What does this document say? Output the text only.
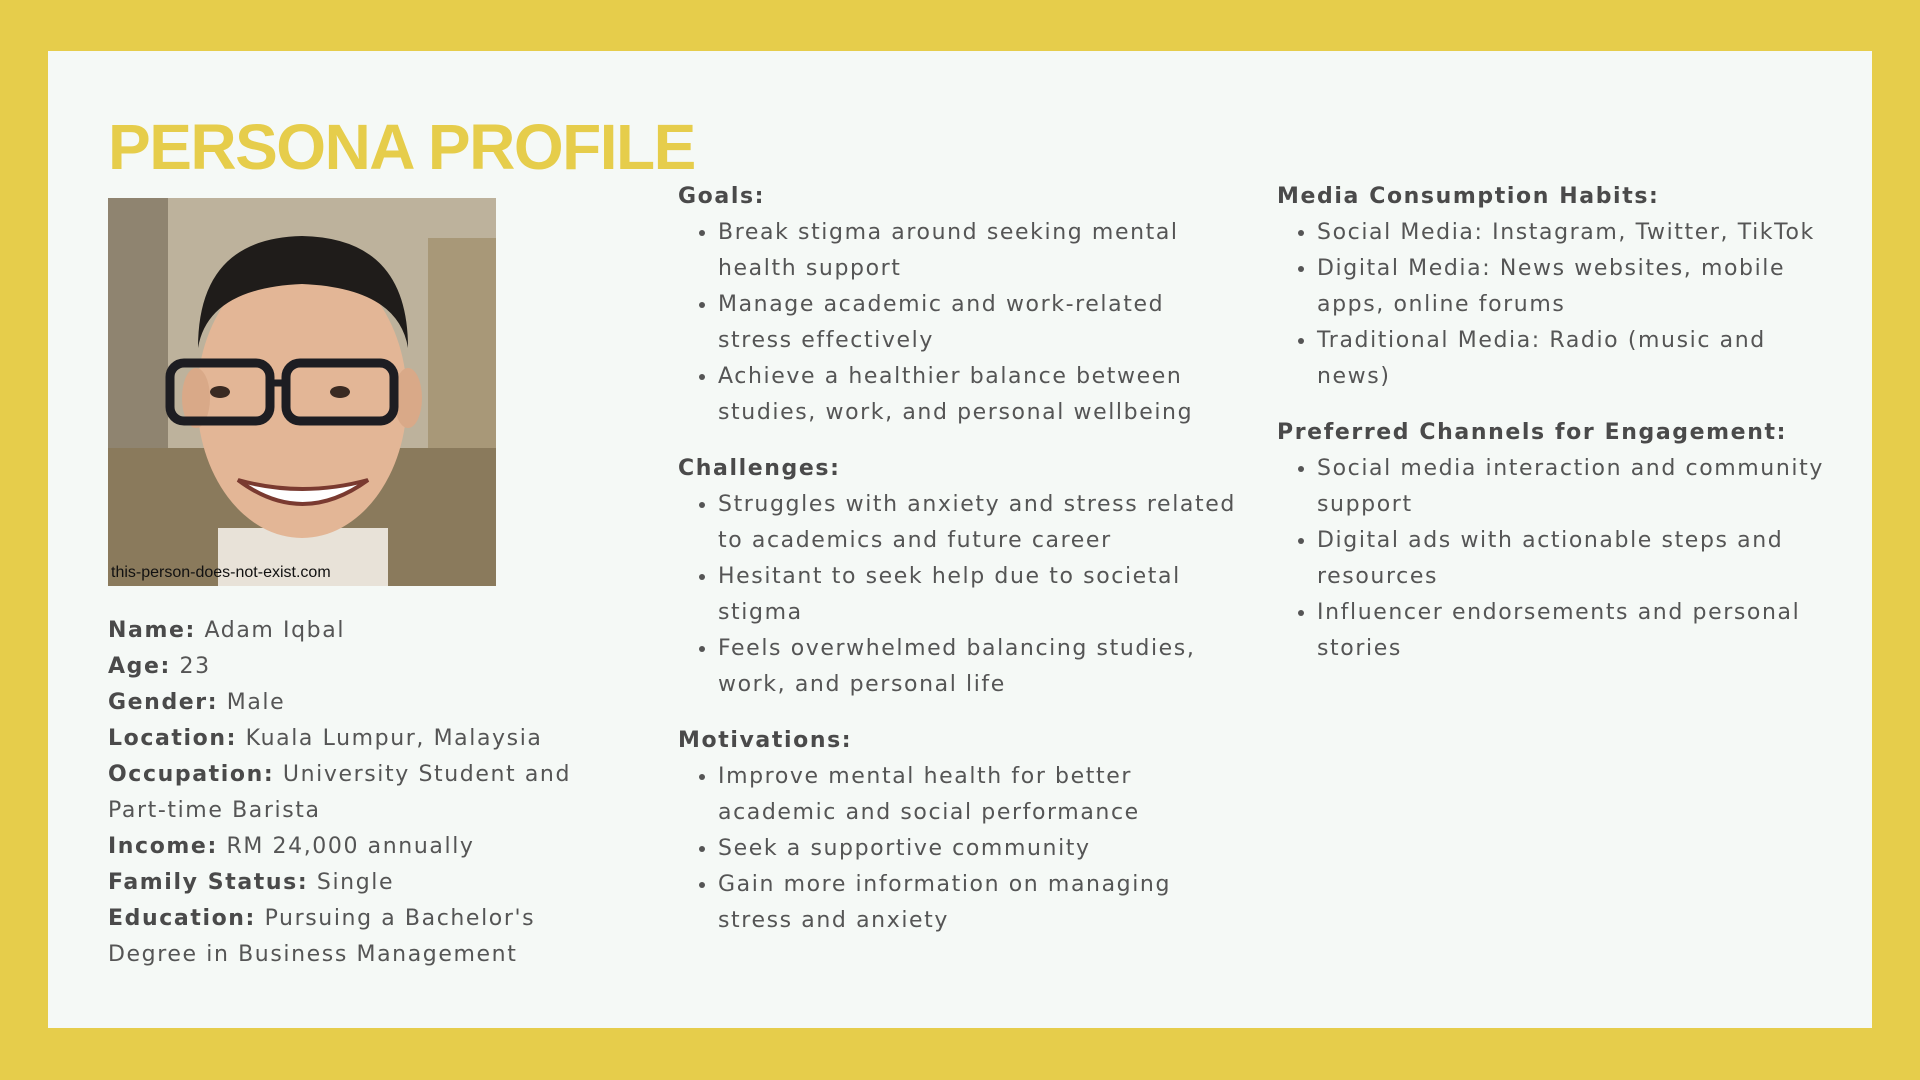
PERSONA PROFILE
this-person-does-not-exist.com
Name: Adam Iqbal
Age: 23
Gender: Male
Location: Kuala Lumpur, Malaysia
Occupation: University Student and Part-time Barista
Income: RM 24,000 annually
Family Status: Single
Education: Pursuing a Bachelor's Degree in Business Management

Goals:

• Break stigma around seeking mental health support
• Manage academic and work-related stress effectively
• Achieve a healthier balance between studies, work, and personal wellbeing

Challenges:

• Struggles with anxiety and stress related to academics and future career
• Hesitant to seek help due to societal stigma
• Feels overwhelmed balancing studies, work, and personal life

Motivations:

• Improve mental health for better academic and social performance
• Seek a supportive community
• Gain more information on managing stress and anxiety

Media Consumption Habits:

• Social Media: Instagram, Twitter, TikTok
• Digital Media: News websites, mobile apps, online forums
• Traditional Media: Radio (music and news)

Preferred Channels for Engagement:

• Social media interaction and community support
• Digital ads with actionable steps and resources
• Influencer endorsements and personal stories
